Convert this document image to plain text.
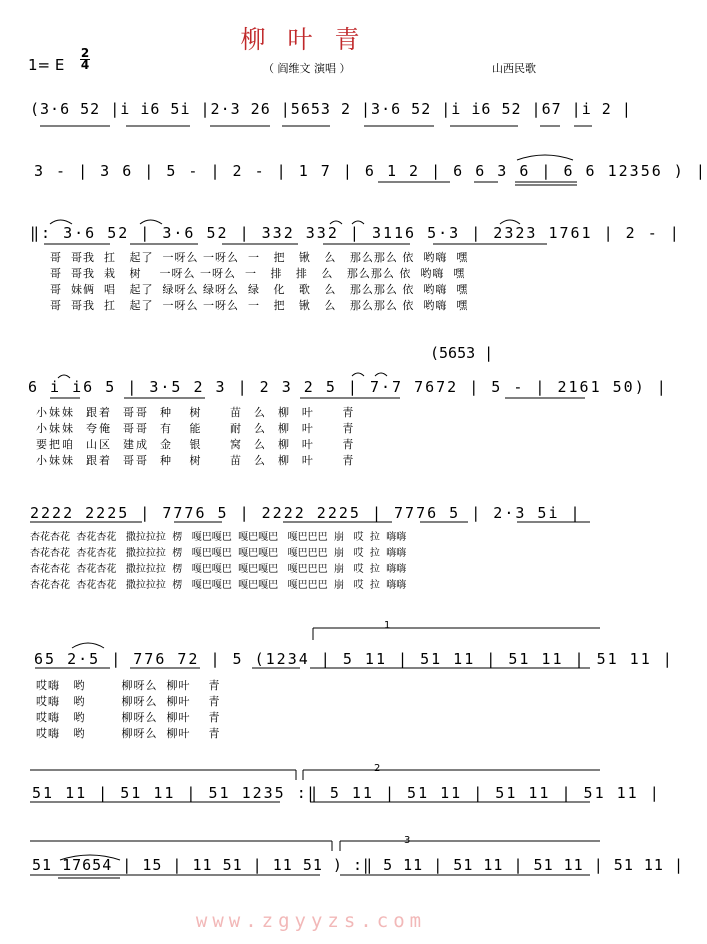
柳叶青
1= E
2
4	（ 阎维文 演唱 ）	山西民歌
(3·6 52 |i i6 5i |2·3 26 |5653 2 |3·6 52 |i i6 52 |67 |i 2 |
3 - | 3 6 | 5 - | 2 - | 1 7 | 6 1 2 | 6 6 3 6 | 6 6 12356 ) |
‖: 3·6 52 | 3·6 52 | 332 332 | 3116 5·3 | 2323 1761 | 2 - |
哥  哥我  扛   起了  一呀么 一呀么  一   把   锹   么   那么那么 依  哟嗨  嘿
哥  哥我  栽   树    一呀么 一呀么  一   排   排   么   那么那么 依  哟嗨  嘿
哥  妹俩  唱   起了  绿呀么 绿呀么  绿   化   歌   么   那么那么 依  哟嗨  嘿
哥  哥我  扛   起了  一呀么 一呀么  一   把   锹   么   那么那么 依  哟嗨  嘿
(5653 |
6 i i6 5 | 3·5 2 3 | 2 3 2 5 | 7·7 7672 | 5 - | 2161 50) |
小妹妹  跟着  哥哥  种   树     苗  么  柳  叶     青
小妹妹  夸俺  哥哥  有   能     耐  么  柳  叶     青
要把咱  山区  建成  金   银     窝  么  柳  叶     青
小妹妹  跟着  哥哥  种   树     苗  么  柳  叶     青
2222 2225 | 7776 5 | 2222 2225 | 7776 5 | 2·3 5i |
杏花杏花  杏花杏花   撒拉拉拉  楞   嘎巴嘎巴  嘎巴嘎巴   嘎巴巴巴  崩   哎  拉  嗨嗨
杏花杏花  杏花杏花   撒拉拉拉  楞   嘎巴嘎巴  嘎巴嘎巴   嘎巴巴巴  崩   哎  拉  嗨嗨
杏花杏花  杏花杏花   撒拉拉拉  楞   嘎巴嘎巴  嘎巴嘎巴   嘎巴巴巴  崩   哎  拉  嗨嗨
杏花杏花  杏花杏花   撒拉拉拉  楞   嘎巴嘎巴  嘎巴嘎巴   嘎巴巴巴  崩   哎  拉  嗨嗨
1
65 2·5 | 776 72 | 5 (1234 | 5 11 | 51 11 | 51 11 | 51 11 |
哎嗨   哟        柳呀么  柳叶    青
哎嗨   哟        柳呀么  柳叶    青
哎嗨   哟        柳呀么  柳叶    青
哎嗨   哟        柳呀么  柳叶    青
2
51 11 | 51 11 | 51 1235 :‖ 5 11 | 51 11 | 51 11 | 51 11 |
3
51 17654 | 15 | 11 51 | 11 51 ) :‖ 5 11 | 51 11 | 51 11 | 51 11 |
www.zgyyzs.com
